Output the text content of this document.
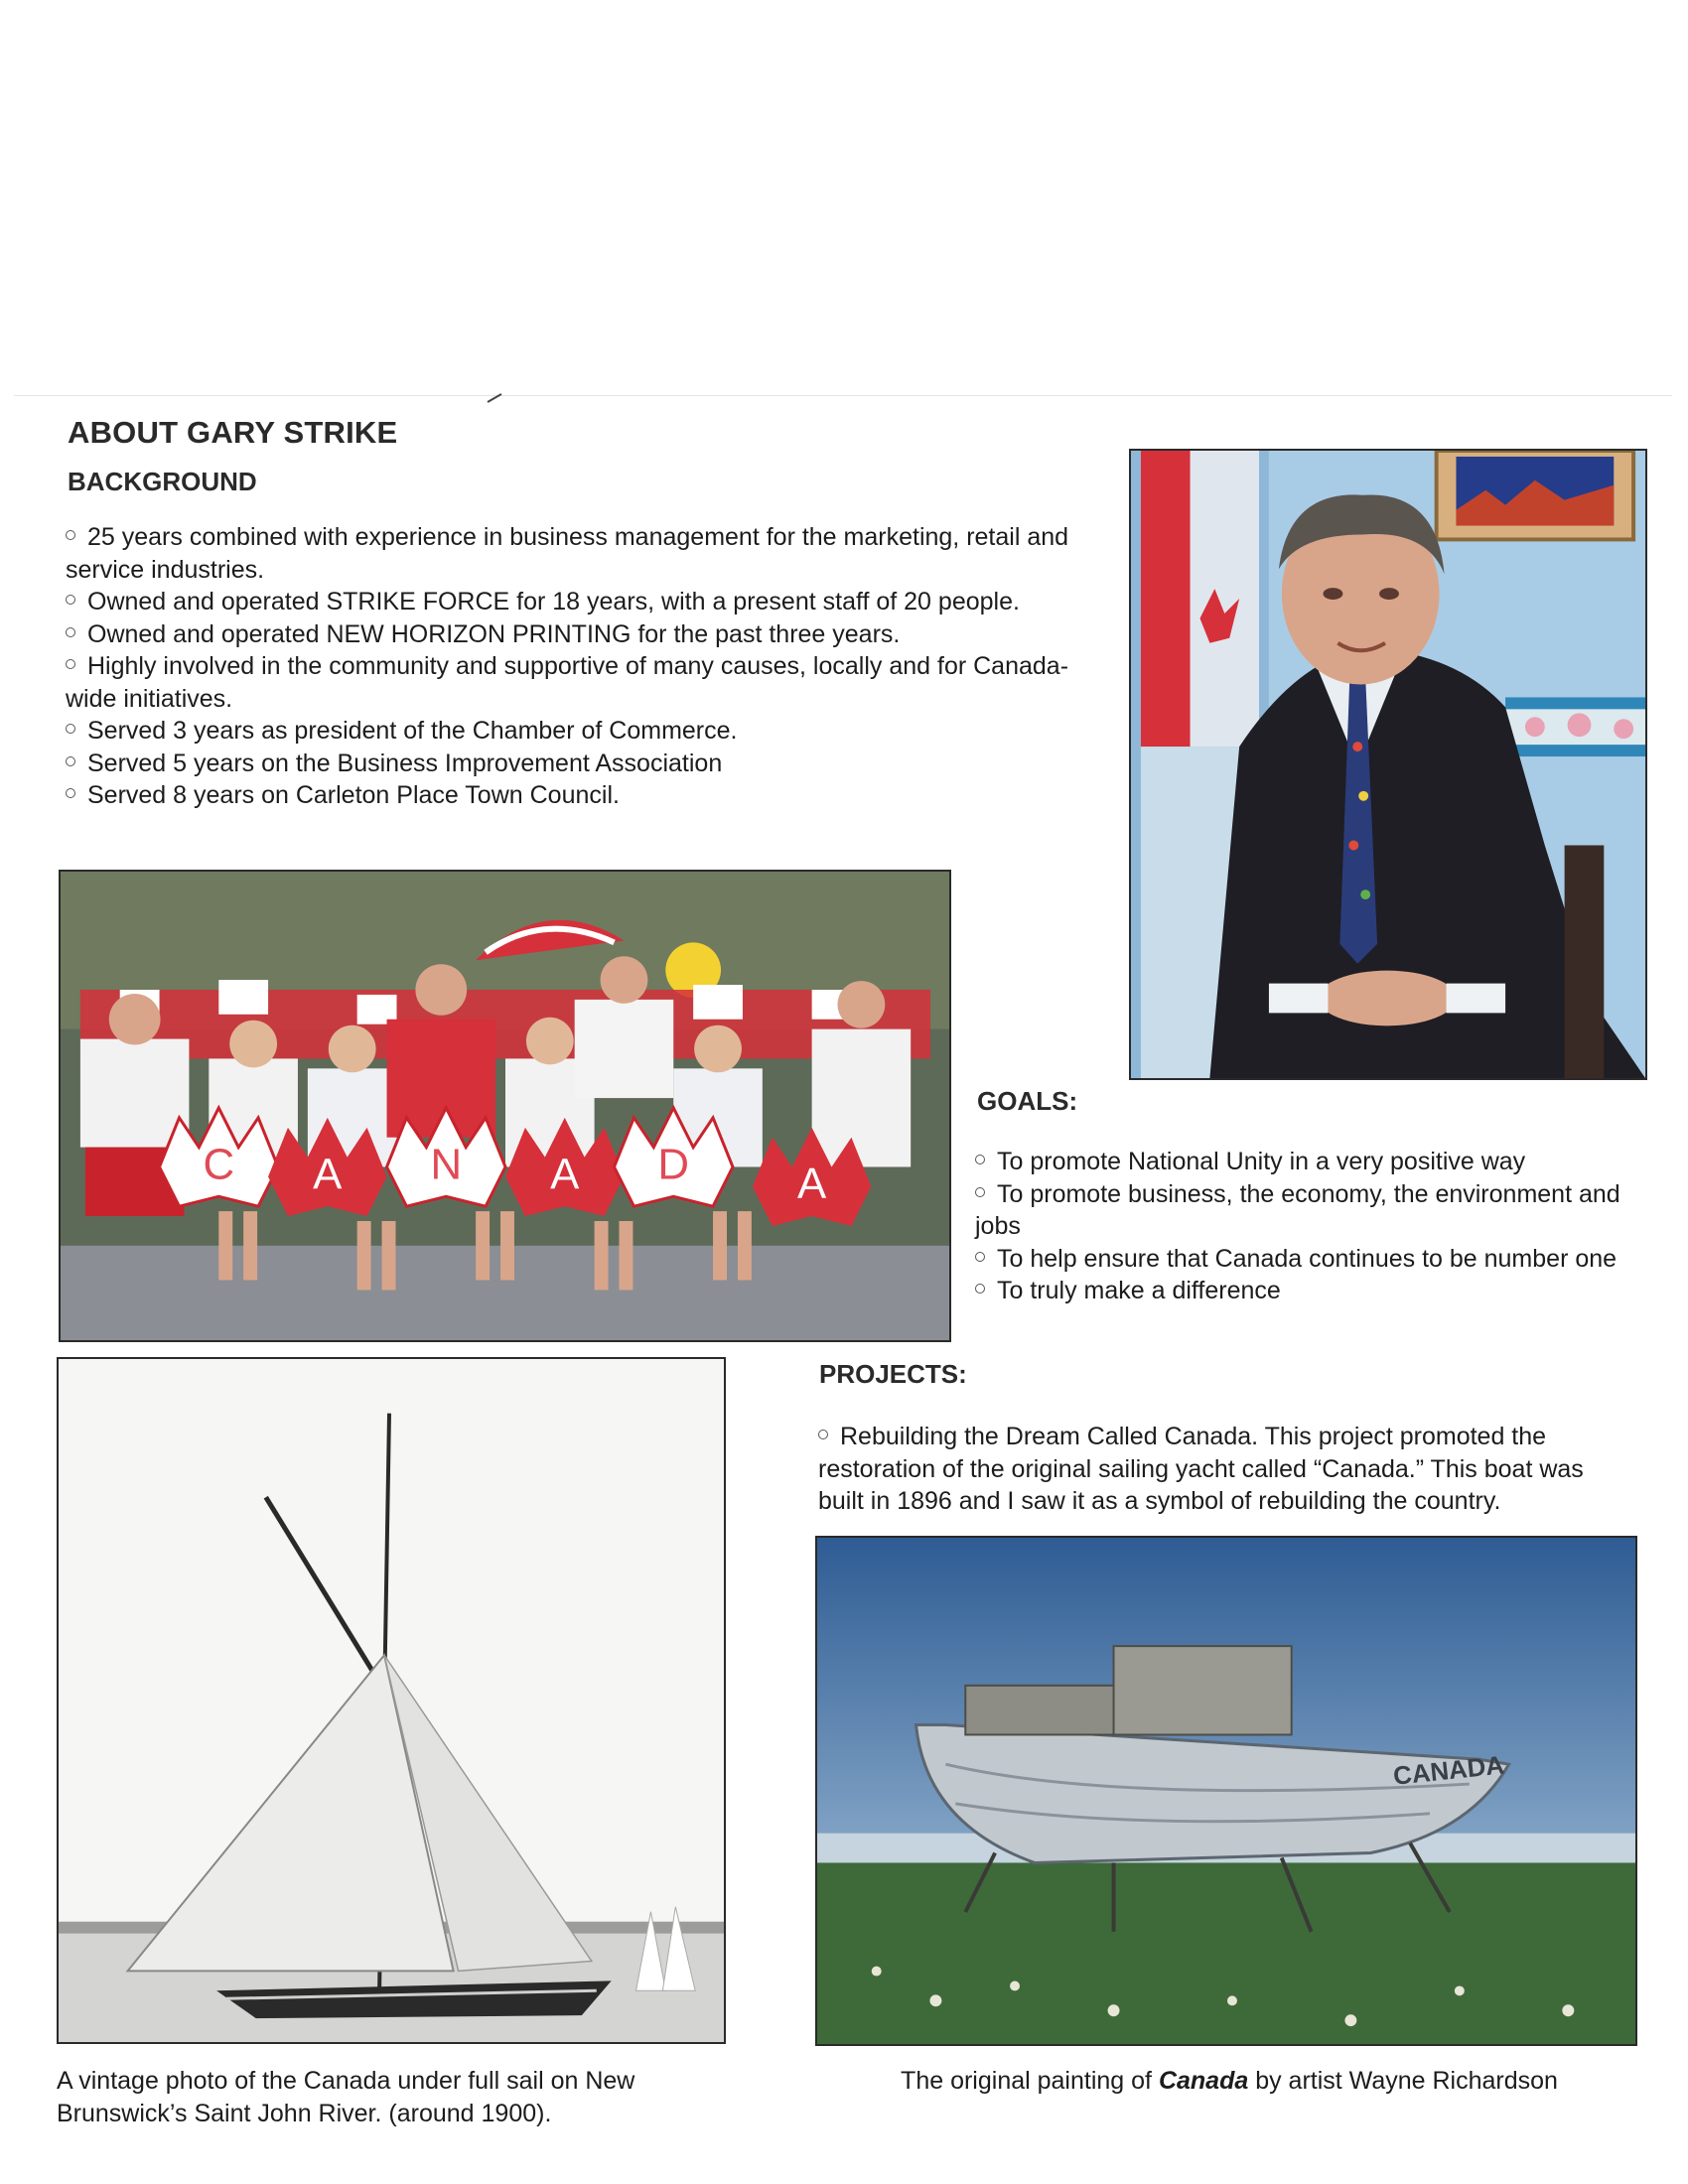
ABOUT GARY STRIKE
BACKGROUND

25 years combined with experience in business management for the marketing, retail and service industries.

Owned and operated STRIKE FORCE for 18 years, with a present staff of 20 people.

Owned and operated NEW HORIZON PRINTING for the past three years.

Highly involved in the community and supportive of many causes, locally and for Canada-wide initiatives.

Served 3 years as president of the Chamber of Commerce.

Served 5 years on the Business Improvement Association

Served 8 years on Carleton Place Town Council.

C A N A D A
GOALS:

To promote National Unity in a very positive way

To promote business, the economy, the environment and jobs

To help ensure that Canada continues to be number one

To truly make a difference

PROJECTS:

Rebuilding the Dream Called Canada. This project promoted the restoration of the original sailing yacht called “Canada.” This boat was built in 1896 and I saw it as a symbol of rebuilding the country.

CANADA
A vintage photo of the Canada under full sail on New Brunswick’s Saint John River. (around 1900).
The original painting of Canada by artist Wayne Richardson
